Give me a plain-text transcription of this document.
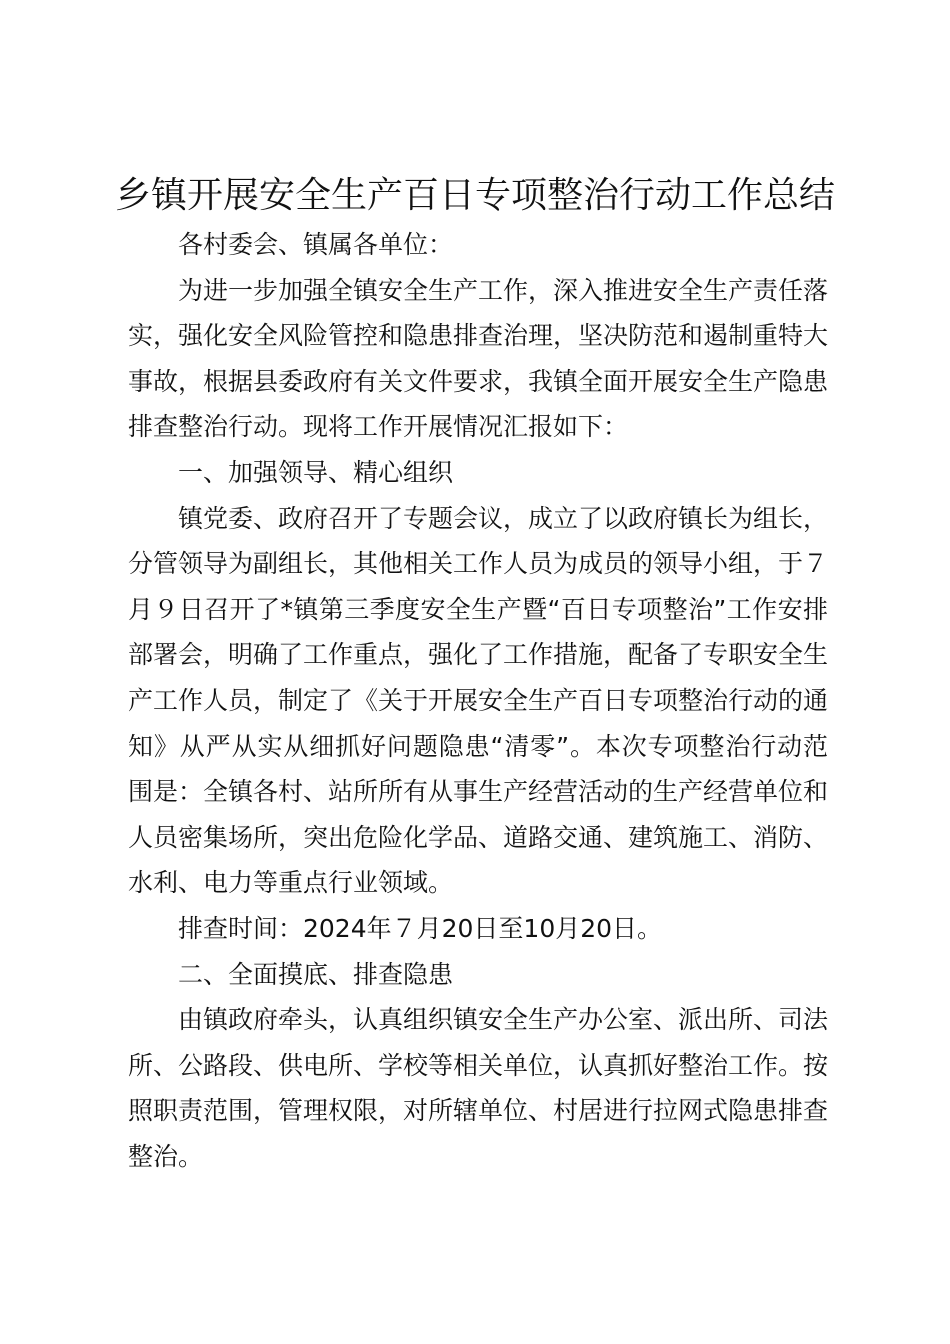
乡镇开展安全生产百日专项整治行动工作总结

各村委会、镇属各单位：

为进一步加强全镇安全生产工作，深入推进安全生产责任落实，强化安全风险管控和隐患排查治理，坚决防范和遏制重特大事故，根据县委政府有关文件要求，我镇全面开展安全生产隐患排查整治行动。现将工作开展情况汇报如下：

一、加强领导、精心组织

镇党委、政府召开了专题会议，成立了以政府镇长为组长，分管领导为副组长，其他相关工作人员为成员的领导小组，于７月９日召开了*镇第三季度安全生产暨“百日专项整治”工作安排部署会，明确了工作重点，强化了工作措施，配备了专职安全生产工作人员，制定了《关于开展安全生产百日专项整治行动的通知》从严从实从细抓好问题隐患“清零”。本次专项整治行动范围是：全镇各村、站所所有从事生产经营活动的生产经营单位和人员密集场所，突出危险化学品、道路交通、建筑施工、消防、水利、电力等重点行业领域。

排查时间：2024年７月20日至10月20日。

二、全面摸底、排查隐患

由镇政府牵头，认真组织镇安全生产办公室、派出所、司法所、公路段、供电所、学校等相关单位，认真抓好整治工作。按照职责范围，管理权限，对所辖单位、村居进行拉网式隐患排查整治。
